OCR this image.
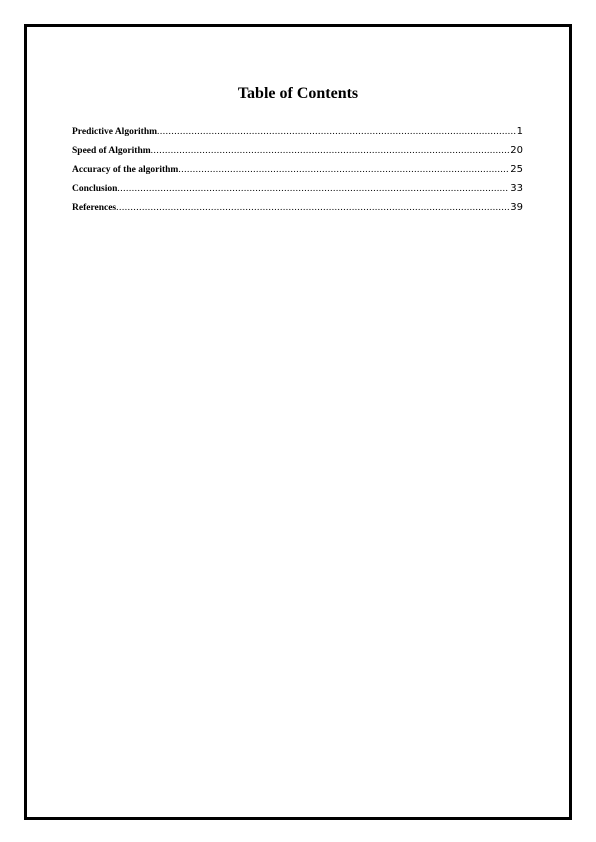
Table of Contents
Predictive Algorithm .....	1
Speed of Algorithm .....	20
Accuracy of the algorithm .....	25
Conclusion .....	33
References .....	39
